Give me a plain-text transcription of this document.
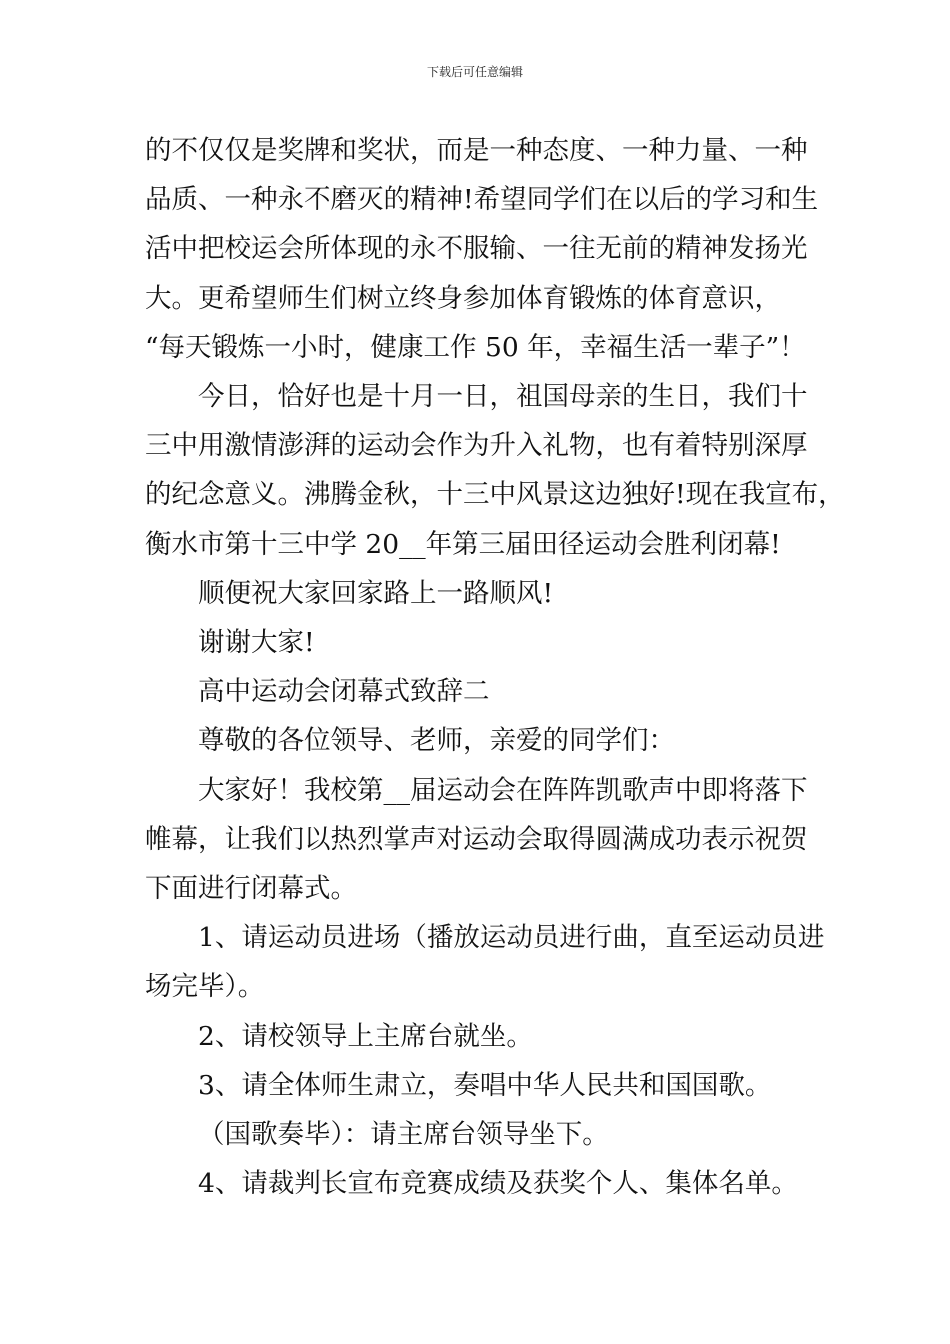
下载后可任意编辑

的不仅仅是奖牌和奖状，而是一种态度、一种力量、一种
品质、一种永不磨灭的精神!希望同学们在以后的学习和生
活中把校运会所体现的永不服输、一往无前的精神发扬光
大。更希望师生们树立终身参加体育锻炼的体育意识，
“每天锻炼一小时，健康工作 50 年，幸福生活一辈子”！

今日，恰好也是十月一日，祖国母亲的生日，我们十
三中用激情澎湃的运动会作为升入礼物，也有着特别深厚
的纪念意义。沸腾金秋，十三中风景这边独好!现在我宣布，
衡水市第十三中学 20__年第三届田径运动会胜利闭幕!

顺便祝大家回家路上一路顺风!

谢谢大家!

高中运动会闭幕式致辞二

尊敬的各位领导、老师，亲爱的同学们：

大家好！我校第__届运动会在阵阵凯歌声中即将落下
帷幕，让我们以热烈掌声对运动会取得圆满成功表示祝贺
下面进行闭幕式。

1、请运动员进场（播放运动员进行曲，直至运动员进
场完毕）。

2、请校领导上主席台就坐。

3、请全体师生肃立，奏唱中华人民共和国国歌。

（国歌奏毕）：请主席台领导坐下。

4、请裁判长宣布竞赛成绩及获奖个人、集体名单。
